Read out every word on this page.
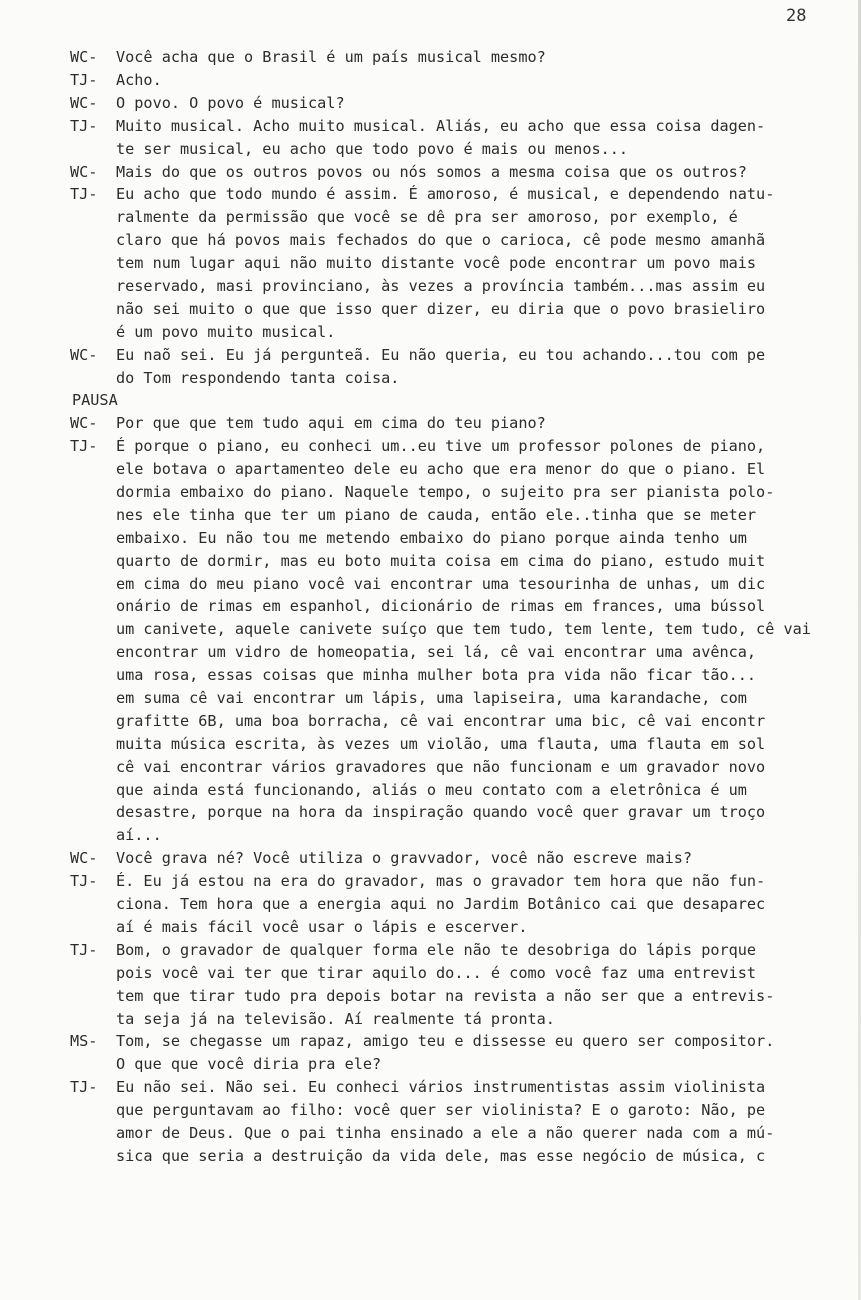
28
WC-	Você acha que o Brasil é um país musical mesmo?
TJ-	Acho.
WC-	O povo. O povo é musical?
TJ-	Muito musical. Acho muito musical. Aliás, eu acho que essa coisa dagen-
te ser musical, eu acho que todo povo é mais ou menos...
WC-	Mais do que os outros povos ou nós somos a mesma coisa que os outros?
TJ-	Eu acho que todo mundo é assim. É amoroso, é musical, e dependendo natu-
ralmente da permissão que você se dê pra ser amoroso, por exemplo, é
claro que há povos mais fechados do que o carioca, cê pode mesmo amanhã
tem num lugar aqui não muito distante você pode encontrar um povo mais
reservado, masi provinciano, às vezes a província também...mas assim eu
não sei muito o que que isso quer dizer, eu diria que o povo brasieliro
é um povo muito musical.
WC-	Eu naõ sei. Eu já pergunteã. Eu não queria, eu tou achando...tou com pe
do Tom respondendo tanta coisa.
PAUSA
WC-	Por que que tem tudo aqui em cima do teu piano?
TJ-	É porque o piano, eu conheci um..eu tive um professor polones de piano,
ele botava o apartamenteo dele eu acho que era menor do que o piano. El
dormia embaixo do piano. Naquele tempo, o sujeito pra ser pianista polo-
nes ele tinha que ter um piano de cauda, então ele..tinha que se meter
embaixo. Eu não tou me metendo embaixo do piano porque ainda tenho um
quarto de dormir, mas eu boto muita coisa em cima do piano, estudo muit
em cima do meu piano você vai encontrar uma tesourinha de unhas, um dic
onário de rimas em espanhol, dicionário de rimas em frances, uma bússol
um canivete, aquele canivete suíço que tem tudo, tem lente, tem tudo, cê vai
encontrar um vidro de homeopatia, sei lá, cê vai encontrar uma avênca,
uma rosa, essas coisas que minha mulher bota pra vida não ficar tão...
em suma cê vai encontrar um lápis, uma lapiseira, uma karandache, com
grafitte 6B, uma boa borracha, cê vai encontrar uma bic, cê vai encontr
muita música escrita, às vezes um violão, uma flauta, uma flauta em sol
cê vai encontrar vários gravadores que não funcionam e um gravador novo
que ainda está funcionando, aliás o meu contato com a eletrônica é um
desastre, porque na hora da inspiração quando você quer gravar um troço
aí...
WC-	Você grava né? Você utiliza o gravvador, você não escreve mais?
TJ-	É. Eu já estou na era do gravador, mas o gravador tem hora que não fun-
ciona. Tem hora que a energia aqui no Jardim Botânico cai que desaparec
aí é mais fácil você usar o lápis e escerver.
TJ-	Bom, o gravador de qualquer forma ele não te desobriga do lápis porque
pois você vai ter que tirar aquilo do... é como você faz uma entrevist
tem que tirar tudo pra depois botar na revista a não ser que a entrevis-
ta seja já na televisão. Aí realmente tá pronta.
MS-	Tom, se chegasse um rapaz, amigo teu e dissesse eu quero ser compositor.
O que que você diria pra ele?
TJ-	Eu não sei. Não sei. Eu conheci vários instrumentistas assim violinista
que perguntavam ao filho: você quer ser violinista? E o garoto: Não, pe
amor de Deus. Que o pai tinha ensinado a ele a não querer nada com a mú-
sica que seria a destruição da vida dele, mas esse negócio de música, c
